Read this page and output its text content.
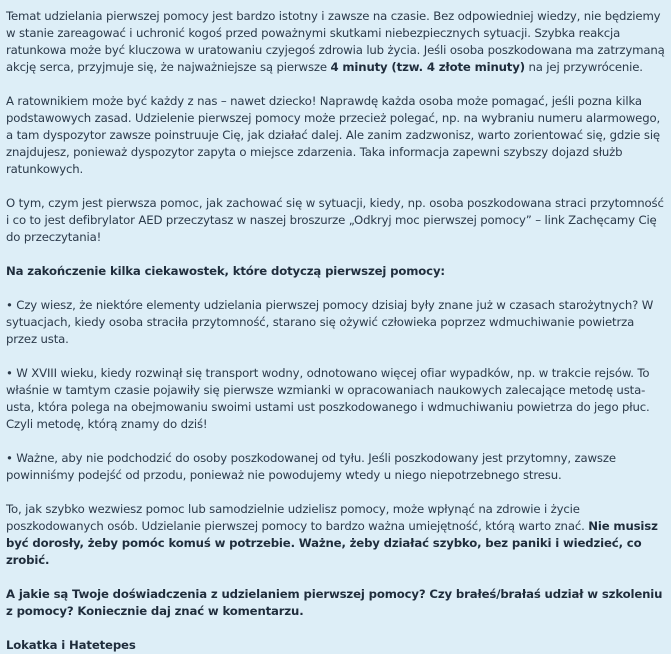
Temat udzielania pierwszej pomocy jest bardzo istotny i zawsze na czasie. Bez odpowiedniej wiedzy, nie będziemy w stanie zareagować i uchronić kogoś przed poważnymi skutkami niebezpiecznych sytuacji. Szybka reakcja ratunkowa może być kluczowa w uratowaniu czyjegoś zdrowia lub życia. Jeśli osoba poszkodowana ma zatrzymaną akcję serca, przyjmuje się, że najważniejsze są pierwsze 4 minuty (tzw. 4 złote minuty) na jej przywrócenie.

A ratownikiem może być każdy z nas – nawet dziecko! Naprawdę każda osoba może pomagać, jeśli pozna kilka podstawowych zasad. Udzielenie pierwszej pomocy może przecież polegać, np. na wybraniu numeru alarmowego, a tam dyspozytor zawsze poinstruuje Cię, jak działać dalej. Ale zanim zadzwonisz, warto zorientować się, gdzie się znajdujesz, ponieważ dyspozytor zapyta o miejsce zdarzenia. Taka informacja zapewni szybszy dojazd służb ratunkowych.

O tym, czym jest pierwsza pomoc, jak zachować się w sytuacji, kiedy, np. osoba poszkodowana straci przytomność i co to jest defibrylator AED przeczytasz w naszej broszurze „Odkryj moc pierwszej pomocy” – link Zachęcamy Cię do przeczytania!

Na zakończenie kilka ciekawostek, które dotyczą pierwszej pomocy:

• Czy wiesz, że niektóre elementy udzielania pierwszej pomocy dzisiaj były znane już w czasach starożytnych? W sytuacjach, kiedy osoba straciła przytomność, starano się ożywić człowieka poprzez wdmuchiwanie powietrza przez usta.

• W XVIII wieku, kiedy rozwinął się transport wodny, odnotowano więcej ofiar wypadków, np. w trakcie rejsów. To właśnie w tamtym czasie pojawiły się pierwsze wzmianki w opracowaniach naukowych zalecające metodę usta-usta, która polega na obejmowaniu swoimi ustami ust poszkodowanego i wdmuchiwaniu powietrza do jego płuc. Czyli metodę, którą znamy do dziś!

• Ważne, aby nie podchodzić do osoby poszkodowanej od tyłu. Jeśli poszkodowany jest przytomny, zawsze powinniśmy podejść od przodu, ponieważ nie powodujemy wtedy u niego niepotrzebnego stresu.

To, jak szybko wezwiesz pomoc lub samodzielnie udzielisz pomocy, może wpłynąć na zdrowie i życie poszkodowanych osób. Udzielanie pierwszej pomocy to bardzo ważna umiejętność, którą warto znać. Nie musisz być dorosły, żeby pomóc komuś w potrzebie. Ważne, żeby działać szybko, bez paniki i wiedzieć, co zrobić.

A jakie są Twoje doświadczenia z udzielaniem pierwszej pomocy? Czy brałeś/brałaś udział w szkoleniu z pomocy? Koniecznie daj znać w komentarzu.

Lokatka i Hatetepes
